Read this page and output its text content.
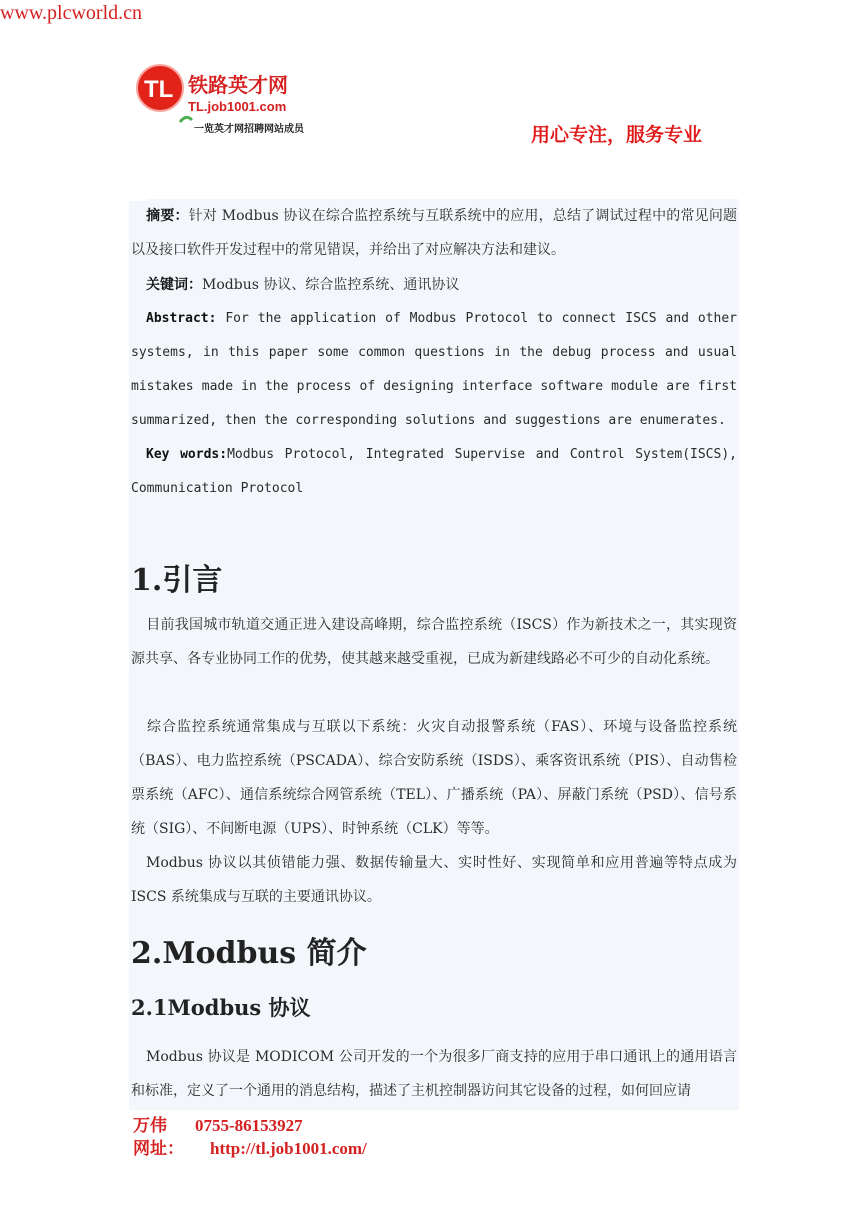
www.plcworld.cn
TL 铁路英才网
TL.job1001.com
一览英才网招聘网站成员	用心专注，服务专业

摘要：针对 Modbus 协议在综合监控系统与互联系统中的应用，总结了调试过程中的常见问题以及接口软件开发过程中的常见错误，并给出了对应解决方法和建议。

关键词：Modbus 协议、综合监控系统、通讯协议

Abstract: For the application of Modbus Protocol to connect ISCS and other systems, in this paper some common questions in the debug process and usual mistakes made in the process of designing interface software module are first summarized, then the corresponding solutions and suggestions are enumerates.

Key words:Modbus Protocol, Integrated Supervise and Control System(ISCS), Communication Protocol

1.引言

目前我国城市轨道交通正进入建设高峰期，综合监控系统（ISCS）作为新技术之一，其实现资源共享、各专业协同工作的优势，使其越来越受重视，已成为新建线路必不可少的自动化系统。

综合监控系统通常集成与互联以下系统：火灾自动报警系统（FAS）、环境与设备监控系统（BAS）、电力监控系统（PSCADA）、综合安防系统（ISDS）、乘客资讯系统（PIS）、自动售检票系统（AFC）、通信系统综合网管系统（TEL）、广播系统（PA）、屏蔽门系统（PSD）、信号系统（SIG）、不间断电源（UPS）、时钟系统（CLK）等等。

Modbus 协议以其侦错能力强、数据传输量大、实时性好、实现简单和应用普遍等特点成为 ISCS 系统集成与互联的主要通讯协议。

2.Modbus 简介
2.1Modbus 协议

Modbus 协议是 MODICOM 公司开发的一个为很多厂商支持的应用于串口通讯上的通用语言和标准，定义了一个通用的消息结构，描述了主机控制器访问其它设备的过程，如何回应请

万伟 0755-86153927
网址： http://tl.job1001.com/
